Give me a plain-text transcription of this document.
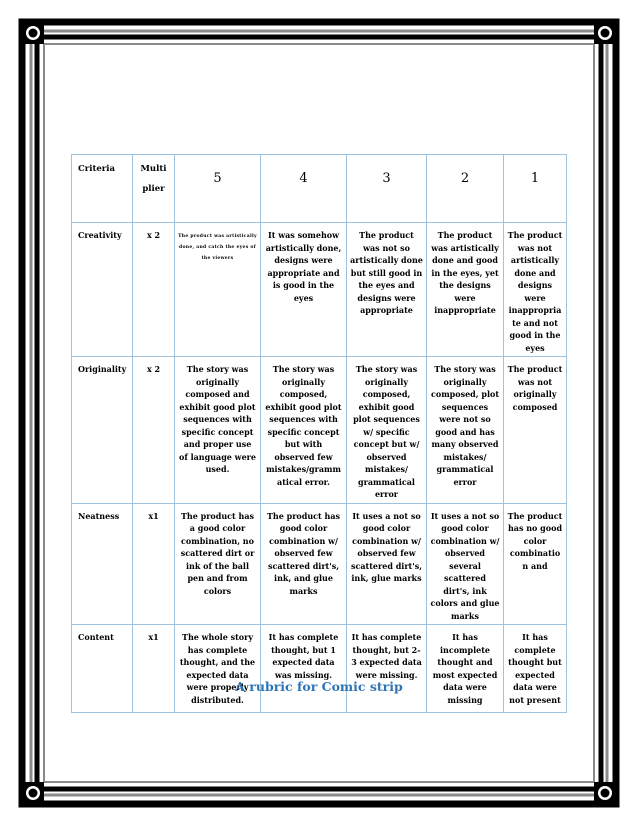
Criteria	Multi plier	5	4	3	2	1
Creativity	x 2	The product was artistically done, and catch the eyes of the viewers	It was somehow artistically done, designs were appropriate and is good in the eyes	The product was not so artistically done but still good in the eyes and designs were appropriate	The product was artistically done and good in the eyes, yet the designs were inappropriate	The product was not artistically done and designs were inappropriate and not good in the eyes
Originality	x 2	The story was originally composed and exhibit good plot sequences with specific concept and proper use of language were used.	The story was originally composed, exhibit good plot sequences with specific concept but with observed few mistakes/grammatical error.	The story was originally composed, exhibit good plot sequences w/ specific concept but w/ observed mistakes/ grammatical error	The story was originally composed, plot sequences were not so good and has many observed mistakes/ grammatical error	The product was not originally composed
Neatness	x1	The product has a good color combination, no scattered dirt or ink of the ball pen and from colors	The product has good color combination w/ observed few scattered dirt's, ink, and glue marks	It uses a not so good color combination w/ observed few scattered dirt's, ink, glue marks	It uses a not so good color combination w/ observed several scattered dirt's, ink colors and glue marks	The product has no good color combination and
Content	x1	The whole story has complete thought, and the expected data were properly distributed.	It has complete thought, but 1 expected data was missing.	It has complete thought, but 2-3 expected data were missing.	It has incomplete thought and most expected data were missing	It has complete thought but expected data were not present
A rubric for Comic strip
